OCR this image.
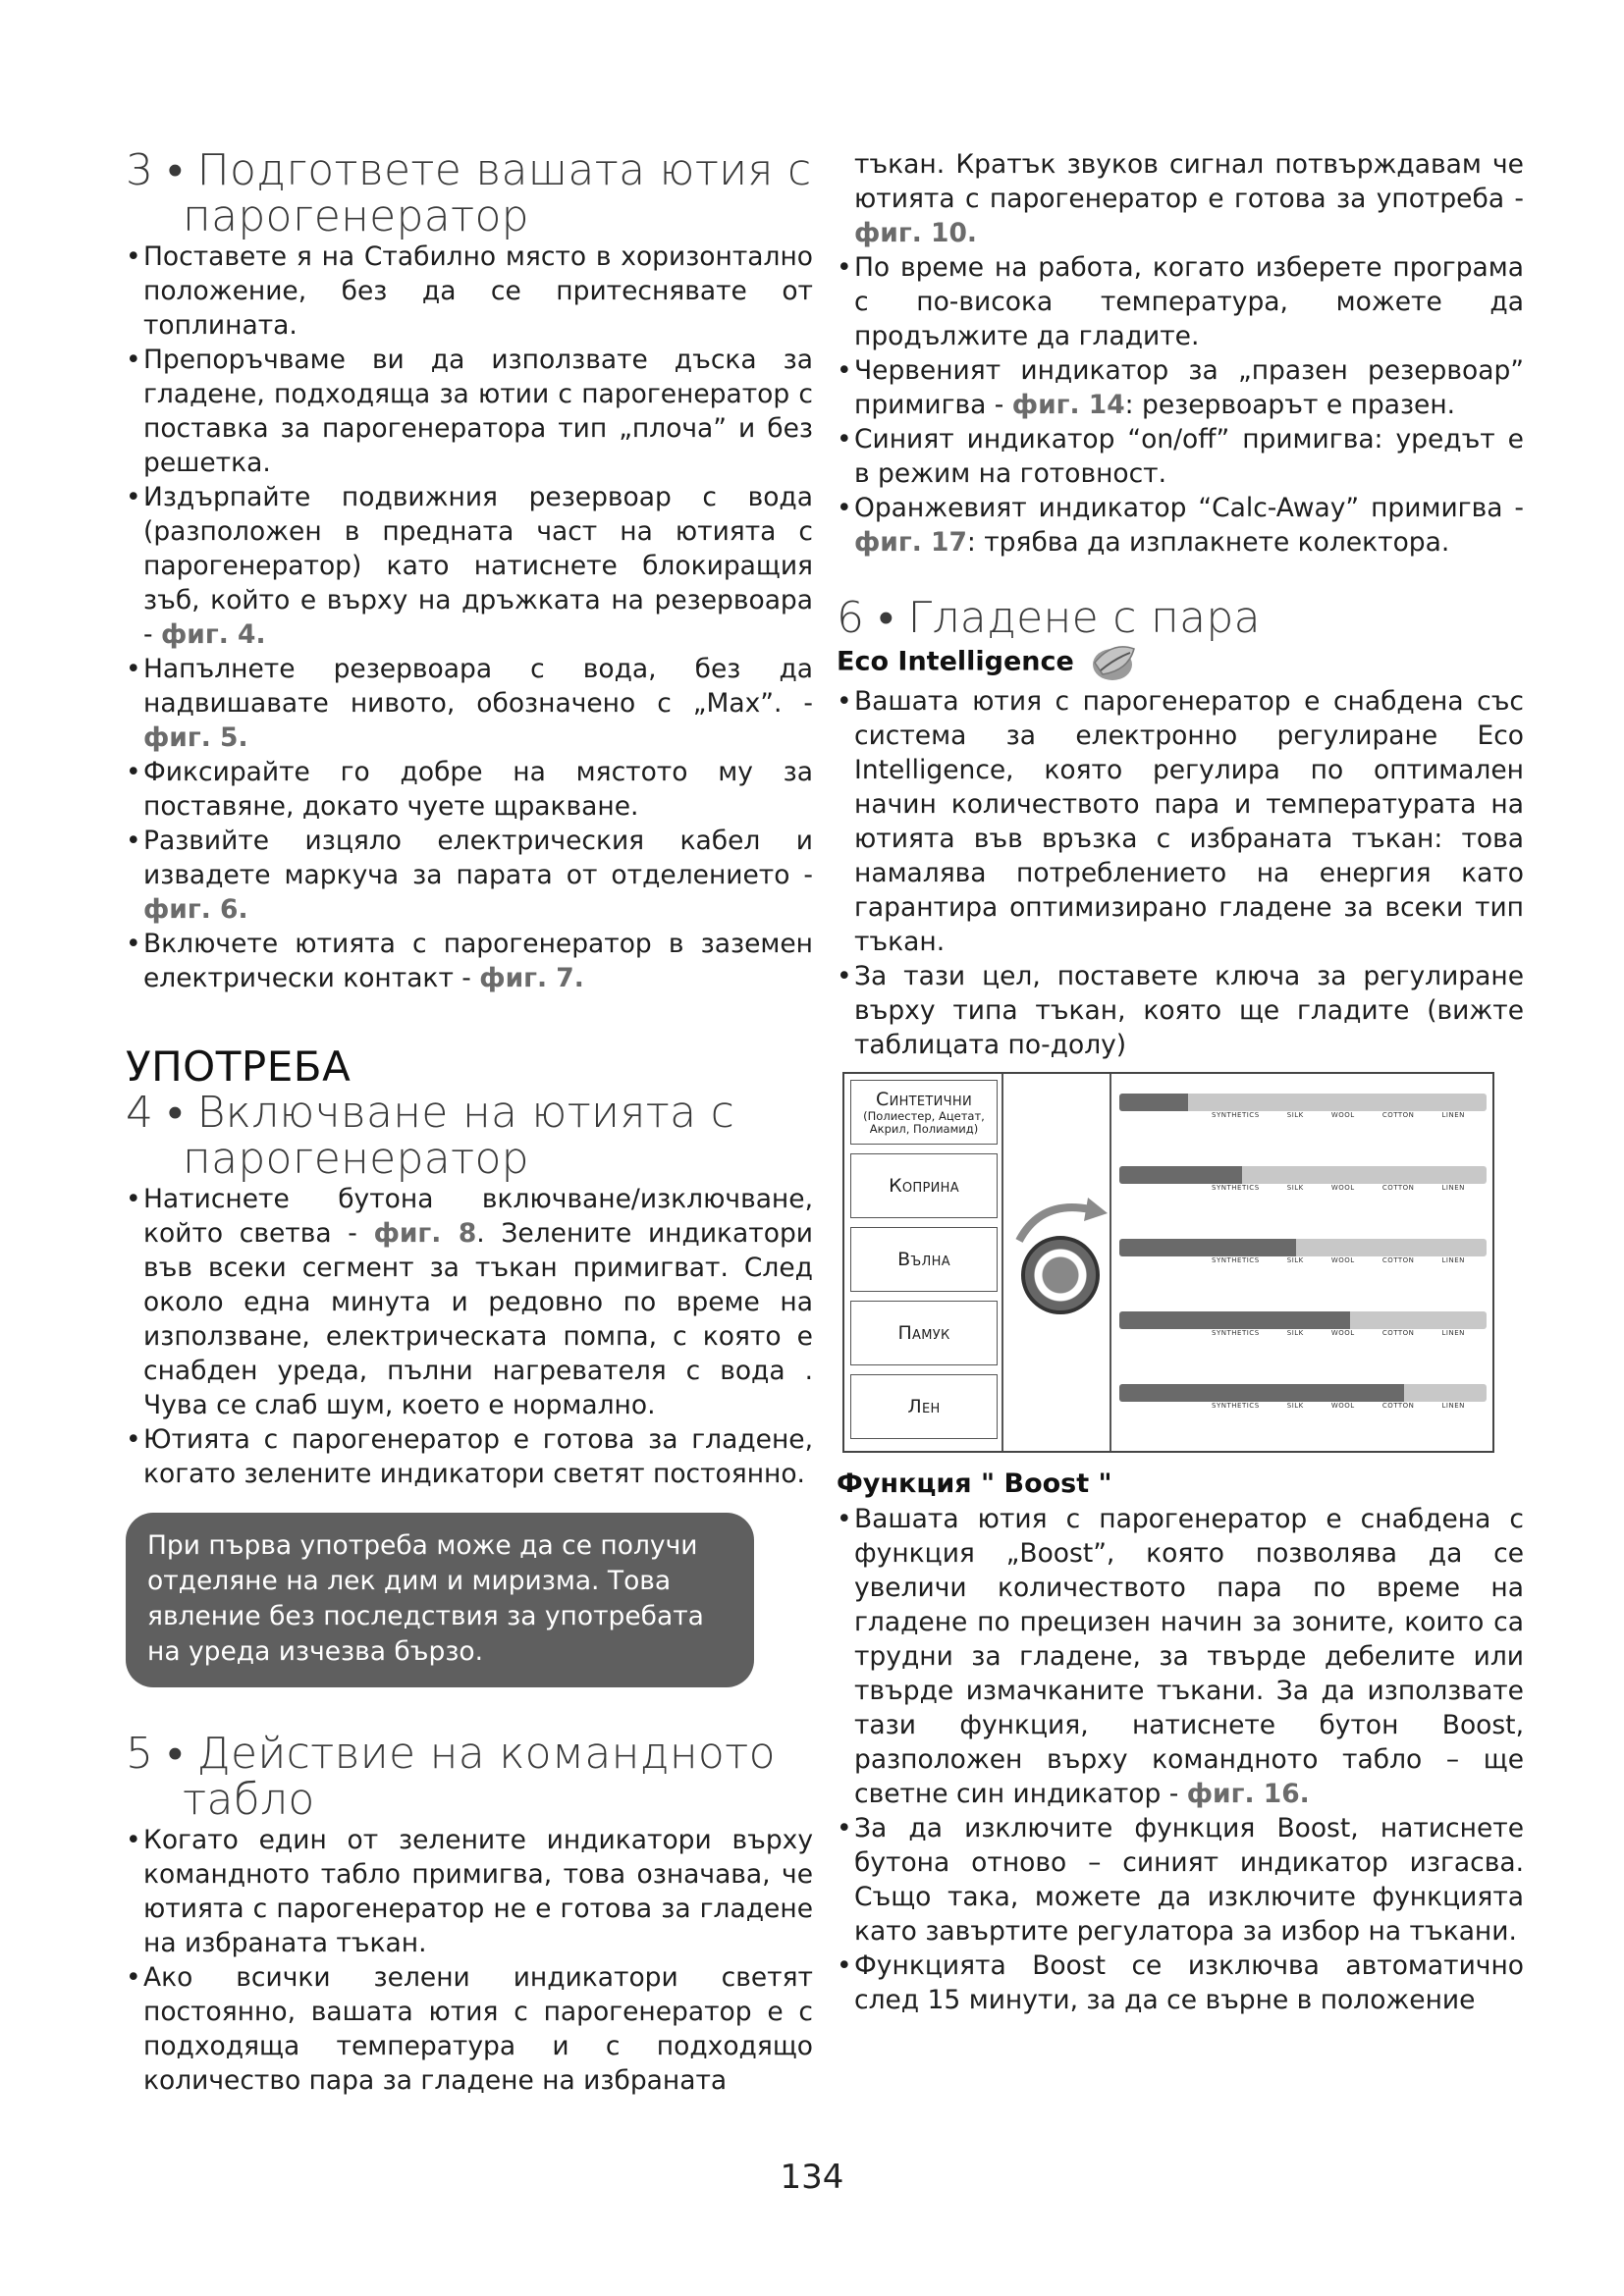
3 • Подгответе вашата ютия с парогенератор
• Поставете я на Стабилно място в хоризонтално положение, без да се притеснявате от топлината.
• Препоръчваме ви да използвате дъска за гладене, подходяща за ютии с парогенератор с поставка за парогенератора тип „плоча” и без решетка.
• Издърпайте подвижния резервоар с вода (разположен в предната част на ютията с парогенератор) като натиснете блокиращия зъб, който е върху на дръжката на резервоара - фиг. 4.
• Напълнете резервоара с вода, без да надвишавате нивото, обозначено с „Max”. - фиг. 5.
• Фиксирайте го добре на мястото му за поставяне, докато чуете щракване.
• Развийте изцяло електрическия кабел и извадете маркуча за парата от отделението - фиг. 6.
• Включете ютията с парогенератор в заземен електрически контакт - фиг. 7.
УПОТРЕБА
4 • Включване на ютията с парогенератор
• Натиснете бутона включване/изключване, който светва - фиг. 8. Зелените индикатори във всеки сегмент за тъкан примигват. След около една минута и редовно по време на използване, електрическата помпа, с която е снабден уреда, пълни нагревателя с вода . Чува се слаб шум, което е нормално.
• Ютията с парогенератор е готова за гладене, когато зелените индикатори светят постоянно.
При първа употреба може да се получи отделяне на лек дим и миризма. Това явление без последствия за употребата на уреда изчезва бързо.
5 • Действие на командното табло
• Когато един от зелените индикатори върху командното табло примигва, това означава, че ютията с парогенератор не е готова за гладене на избраната тъкан.
• Ако всички зелени индикатори светят постоянно, вашата ютия с парогенератор е с подходяща температура и с подходящо количество пара за гладене на избраната

тъкан. Кратък звуков сигнал потвърждавам че ютията с парогенератор е готова за употреба - фиг. 10.

• По време на работа, когато изберете програма с по-висока температура, можете да продължите да гладите.
• Червеният индикатор за „празен резервоар” примигва - фиг. 14: резервоарът е празен.
• Синият индикатор “on/off” примигва: уредът е в режим на готовност.
• Оранжевият индикатор “Calc-Away” примигва - фиг. 17: трябва да изплакнете колектора.
6 • Гладене с пара

Eco Intelligence

• Вашата ютия с парогенератор е снабдена със система за електронно регулиране Eco Intelligence, която регулира по оптимален начин количеството пара и температурата на ютията във връзка с избраната тъкан: това намалява потреблението на енергия като гарантира оптимизирано гладене за всеки тип тъкан.
• За тази цел, поставете ключа за регулиране върху типа тъкан, която ще гладите (вижте таблицата по-долу)
Синтетични
(Полиестер, Ацетат, Акрил, Полиамид)
Коприна
Вълна
Памук
Лен
SYNTHETICS	SILK	WOOL	COTTON	LINEN
SYNTHETICS	SILK	WOOL	COTTON	LINEN
SYNTHETICS	SILK	WOOL	COTTON	LINEN
SYNTHETICS	SILK	WOOL	COTTON	LINEN
SYNTHETICS	SILK	WOOL	COTTON	LINEN

Функция " Boost "

• Вашата ютия с парогенератор е снабдена с функция „Boost”, която позволява да се увеличи количеството пара по време на гладене по прецизен начин за зоните, които са трудни за гладене, за твърде дебелите или твърде измачканите тъкани. За да използвате тази функция, натиснете бутон Boost, разположен върху командното табло – ще светне син индикатор - фиг. 16.
• За да изключите функция Boost, натиснете бутона отново – синият индикатор изгасва. Също така, можете да изключите функцията като завъртите регулатора за избор на тъкани.
• Функцията Boost се изключва автоматично след 15 минути, за да се върне в положение
134
